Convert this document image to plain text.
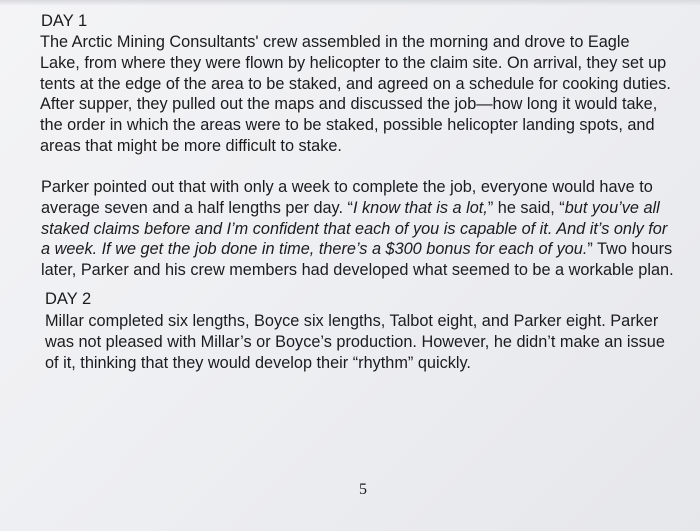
DAY 1
The Arctic Mining Consultants' crew assembled in the morning and drove to Eagle
Lake, from where they were flown by helicopter to the claim site. On arrival, they set up
tents at the edge of the area to be staked, and agreed on a schedule for cooking duties.
After supper, they pulled out the maps and discussed the job—how long it would take,
the order in which the areas were to be staked, possible helicopter landing spots, and
areas that might be more difficult to stake.
Parker pointed out that with only a week to complete the job, everyone would have to
average seven and a half lengths per day. “I know that is a lot,” he said, “but you’ve all
staked claims before and I’m confident that each of you is capable of it. And it’s only for
a week. If we get the job done in time, there’s a $300 bonus for each of you.” Two hours
later, Parker and his crew members had developed what seemed to be a workable plan.
DAY 2
Millar completed six lengths, Boyce six lengths, Talbot eight, and Parker eight. Parker
was not pleased with Millar’s or Boyce’s production. However, he didn’t make an issue
of it, thinking that they would develop their “rhythm” quickly.
5
